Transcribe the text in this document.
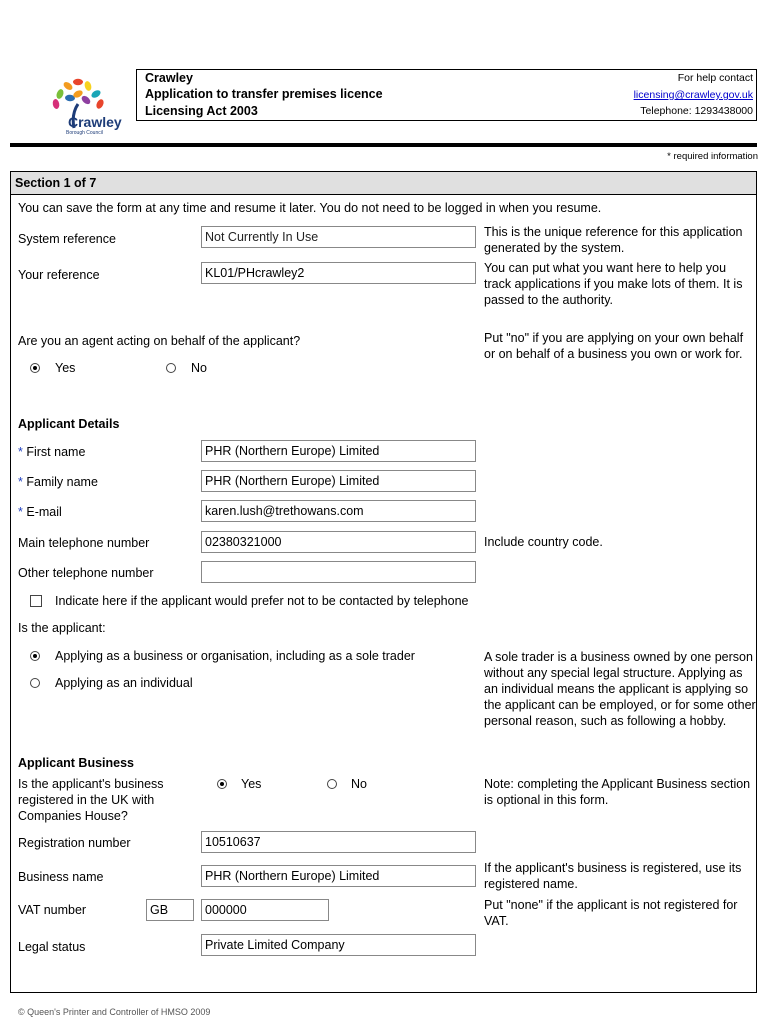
Crawley
Borough Council
Crawley
Application to transfer premises licence
Licensing Act 2003
For help contact
licensing@crawley.gov.uk
Telephone: 1293438000
* required information
Section 1 of 7
You can save the form at any time and resume it later. You do not need to be logged in when you resume.
System reference	Not Currently In Use	This is the unique reference for this application generated by the system.
Your reference	KL01/PHcrawley2	You can put what you want here to help you track applications if you make lots of them. It is passed to the authority.
Are you an agent acting on behalf of the applicant?	Put "no" if you are applying on your own behalf or on behalf of a business you own or work for.
Yes	No
Applicant Details
* First name	PHR (Northern Europe) Limited
* Family name	PHR (Northern Europe) Limited
* E-mail	karen.lush@trethowans.com
Main telephone number	02380321000	Include country code.
Other telephone number
Indicate here if the applicant would prefer not to be contacted by telephone
Is the applicant:
Applying as a business or organisation, including as a sole trader
Applying as an individual
A sole trader is a business owned by one person without any special legal structure. Applying as an individual means the applicant is applying so the applicant can be employed, or for some other personal reason, such as following a hobby.
Applicant Business
Is the applicant's business registered in the UK with Companies House?
Yes	No	Note: completing the Applicant Business section is optional in this form.
Registration number	10510637
Business name	PHR (Northern Europe) Limited
If the applicant's business is registered, use its registered name.
VAT number	GB	000000	Put "none" if the applicant is not registered for VAT.
Legal status	Private Limited Company
© Queen's Printer and Controller of HMSO 2009
